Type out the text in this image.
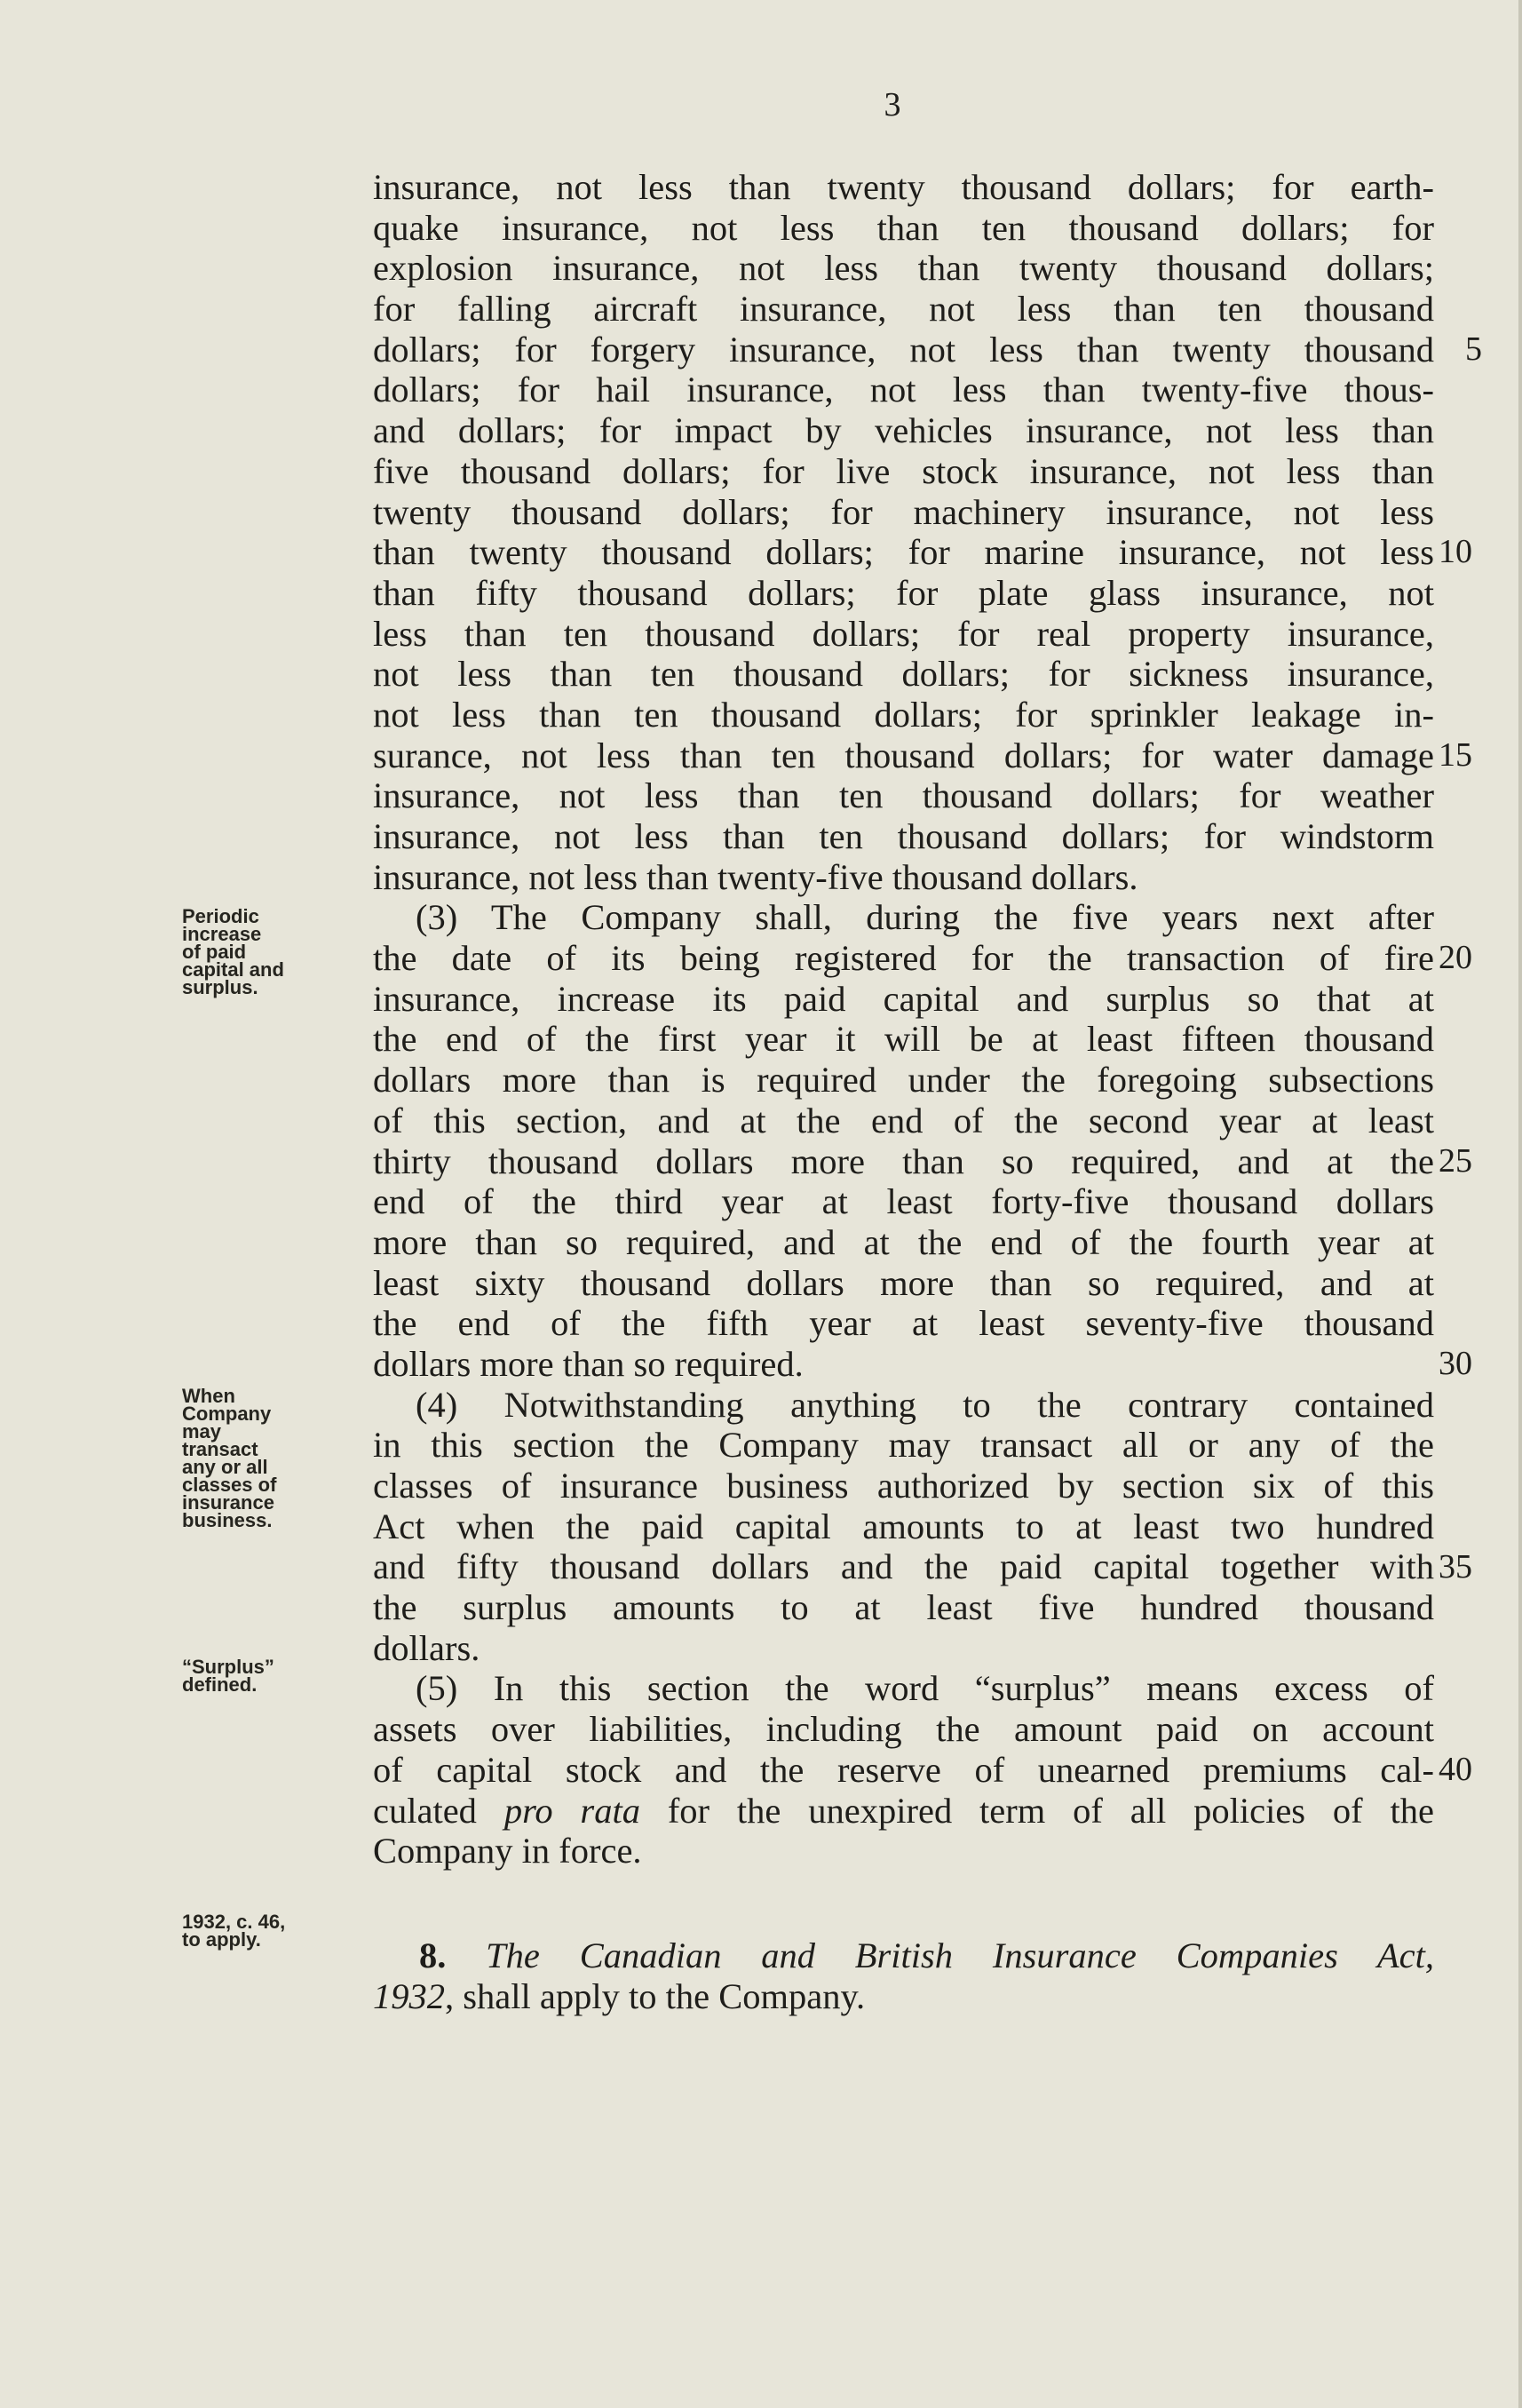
3
Periodic
increase
of paid
capital and
surplus.
When
Company
may
transact
any or all
classes of
insurance
business.
“Surplus”
defined.
1932, c. 46,
to apply.
5
10
15
20
25
30
35
40
insurance, not less than twenty thousand dollars; for earth-
quake insurance, not less than ten thousand dollars; for
explosion insurance, not less than twenty thousand dollars;
for falling aircraft insurance, not less than ten thousand
dollars; for forgery insurance, not less than twenty thousand
dollars; for hail insurance, not less than twenty-five thous-
and dollars; for impact by vehicles insurance, not less than
five thousand dollars; for live stock insurance, not less than
twenty thousand dollars; for machinery insurance, not less
than twenty thousand dollars; for marine insurance, not less
than fifty thousand dollars; for plate glass insurance, not
less than ten thousand dollars; for real property insurance,
not less than ten thousand dollars; for sickness insurance,
not less than ten thousand dollars; for sprinkler leakage in-
surance, not less than ten thousand dollars; for water damage
insurance, not less than ten thousand dollars; for weather
insurance, not less than ten thousand dollars; for windstorm
insurance, not less than twenty-five thousand dollars.
(3) The Company shall, during the five years next after
the date of its being registered for the transaction of fire
insurance, increase its paid capital and surplus so that at
the end of the first year it will be at least fifteen thousand
dollars more than is required under the foregoing subsections
of this section, and at the end of the second year at least
thirty thousand dollars more than so required, and at the
end of the third year at least forty-five thousand dollars
more than so required, and at the end of the fourth year at
least sixty thousand dollars more than so required, and at
the end of the fifth year at least seventy-five thousand
dollars more than so required.
(4) Notwithstanding anything to the contrary contained
in this section the Company may transact all or any of the
classes of insurance business authorized by section six of this
Act when the paid capital amounts to at least two hundred
and fifty thousand dollars and the paid capital together with
the surplus amounts to at least five hundred thousand
dollars.
(5) In this section the word “surplus” means excess of
assets over liabilities, including the amount paid on account
of capital stock and the reserve of unearned premiums cal-
culated pro rata for the unexpired term of all policies of the
Company in force.
8. The Canadian and British Insurance Companies Act,
1932, shall apply to the Company.
